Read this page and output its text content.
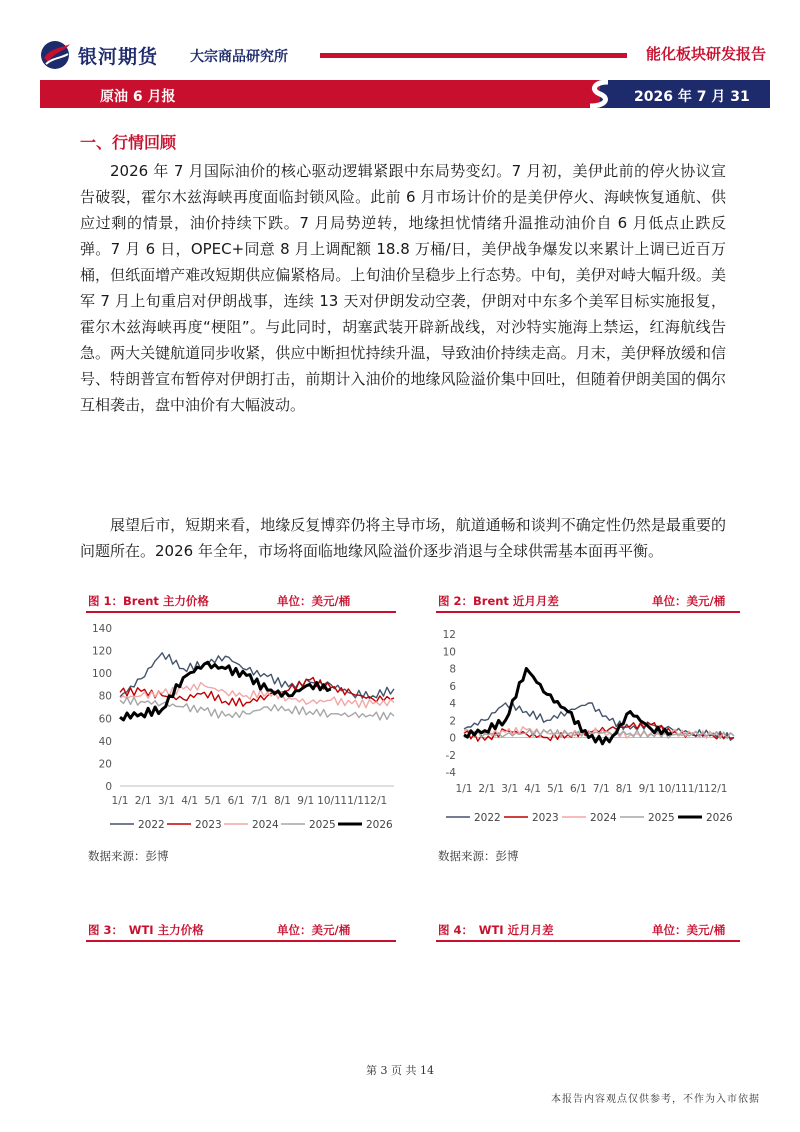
银河期货 大宗商品研究所	能化板块研发报告
原油 6 月报	2026 年 7 月 31 日
一、行情回顾

2026 年 7 月国际油价的核心驱动逻辑紧跟中东局势变幻。7 月初，美伊此前的停火协议宣告破裂，霍尔木兹海峡再度面临封锁风险。此前 6 月市场计价的是美伊停火、海峡恢复通航、供应过剩的情景，油价持续下跌。7 月局势逆转，地缘担忧情绪升温推动油价自 6 月低点止跌反弹。7 月 6 日，OPEC+同意 8 月上调配额 18.8 万桶/日，美伊战争爆发以来累计上调已近百万桶，但纸面增产难改短期供应偏紧格局。上旬油价呈稳步上行态势。中旬，美伊对峙大幅升级。美军 7 月上旬重启对伊朗战事，连续 13 天对伊朗发动空袭，伊朗对中东多个美军目标实施报复，霍尔木兹海峡再度“梗阻”。与此同时，胡塞武装开辟新战线，对沙特实施海上禁运，红海航线告急。两大关键航道同步收紧，供应中断担忧持续升温，导致油价持续走高。月末，美伊释放缓和信号、特朗普宣布暂停对伊朗打击，前期计入油价的地缘风险溢价集中回吐，但随着伊朗美国的偶尔互相袭击，盘中油价有大幅波动。

展望后市，短期来看，地缘反复博弈仍将主导市场，航道通畅和谈判不确定性仍然是最重要的问题所在。2026 年全年，市场将面临地缘风险溢价逐步消退与全球供需基本面再平衡。

图 1：Brent 主力价格	单位：美元/桶
0
20
40
60
80
100
120
140
1/1 2/1 3/1 4/1 5/1 6/1 7/1 8/1 9/1 10/1 11/1 12/1
2022	2023	2024	2025	2026
数据来源：彭博
图 2：Brent 近月月差	单位：美元/桶
-4
-2
0
2
4
6
8
10
12
1/1 2/1 3/1 4/1 5/1 6/1 7/1 8/1 9/1 10/1 11/1 12/1
2022	2023	2024	2025	2026
数据来源：彭博
图 3：　WTI 主力价格	单位：美元/桶	图 4：　WTI 近月月差	单位：美元/桶
第 3 页 共 14
本报告内容观点仅供参考，不作为入市依据
